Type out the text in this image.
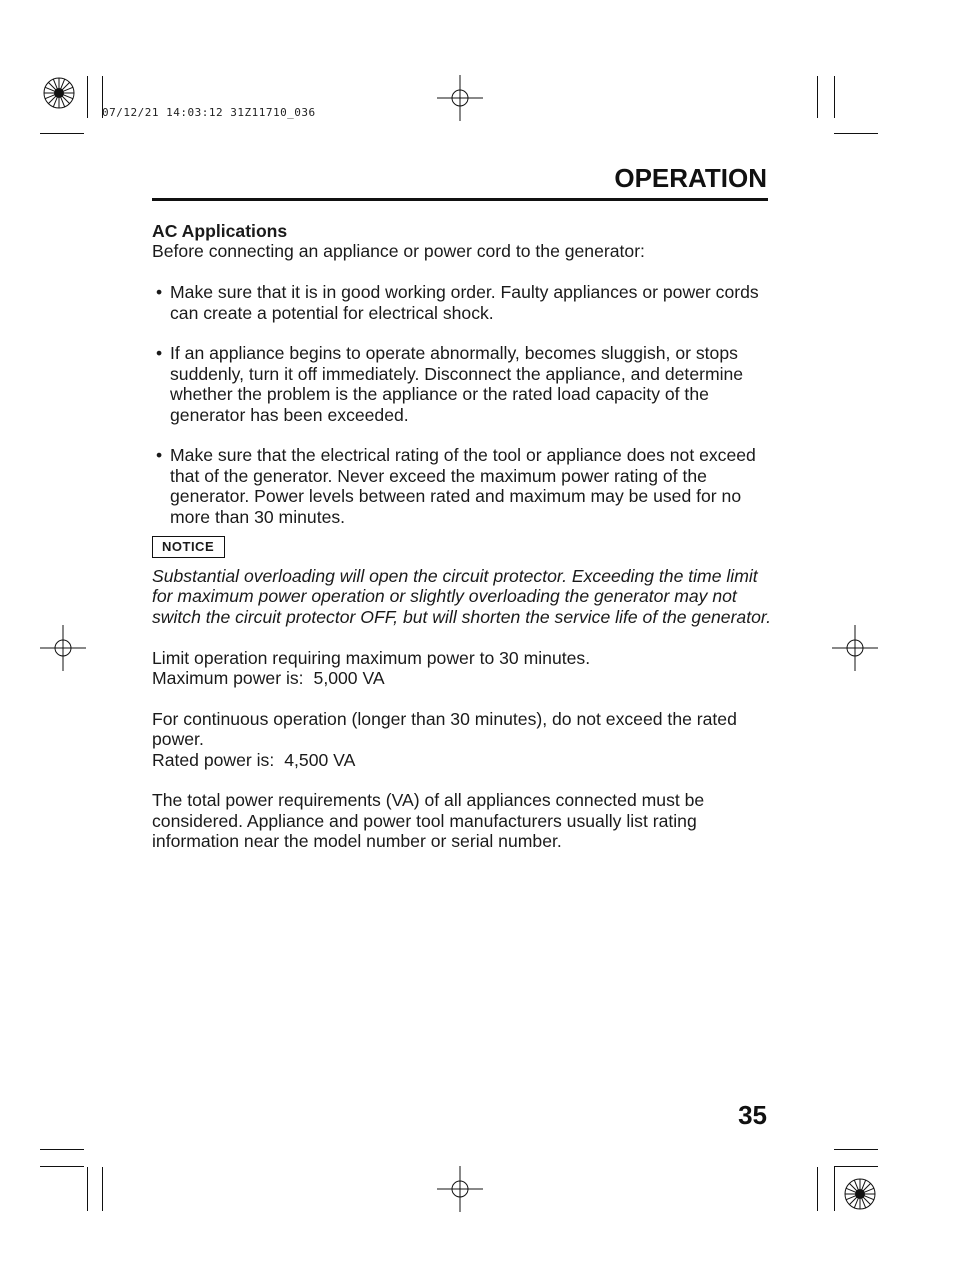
07/12/21 14:03:12 31Z11710_036
OPERATION

AC Applications

Before connecting an appliance or power cord to the generator:

• Make sure that it is in good working order. Faulty appliances or power cords can create a potential for electrical shock.
• If an appliance begins to operate abnormally, becomes sluggish, or stops suddenly, turn it off immediately. Disconnect the appliance, and determine whether the problem is the appliance or the rated load capacity of the generator has been exceeded.
• Make sure that the electrical rating of the tool or appliance does not exceed that of the generator. Never exceed the maximum power rating of the generator. Power levels between rated and maximum may be used for no more than 30 minutes.
NOTICE

Substantial overloading will open the circuit protector. Exceeding the time limit for maximum power operation or slightly overloading the generator may not switch the circuit protector OFF, but will shorten the service life of the generator.

Limit operation requiring maximum power to 30 minutes.

Maximum power is: 5,000 VA

For continuous operation (longer than 30 minutes), do not exceed the rated power.

Rated power is: 4,500 VA

The total power requirements (VA) of all appliances connected must be considered. Appliance and power tool manufacturers usually list rating information near the model number or serial number.

35
